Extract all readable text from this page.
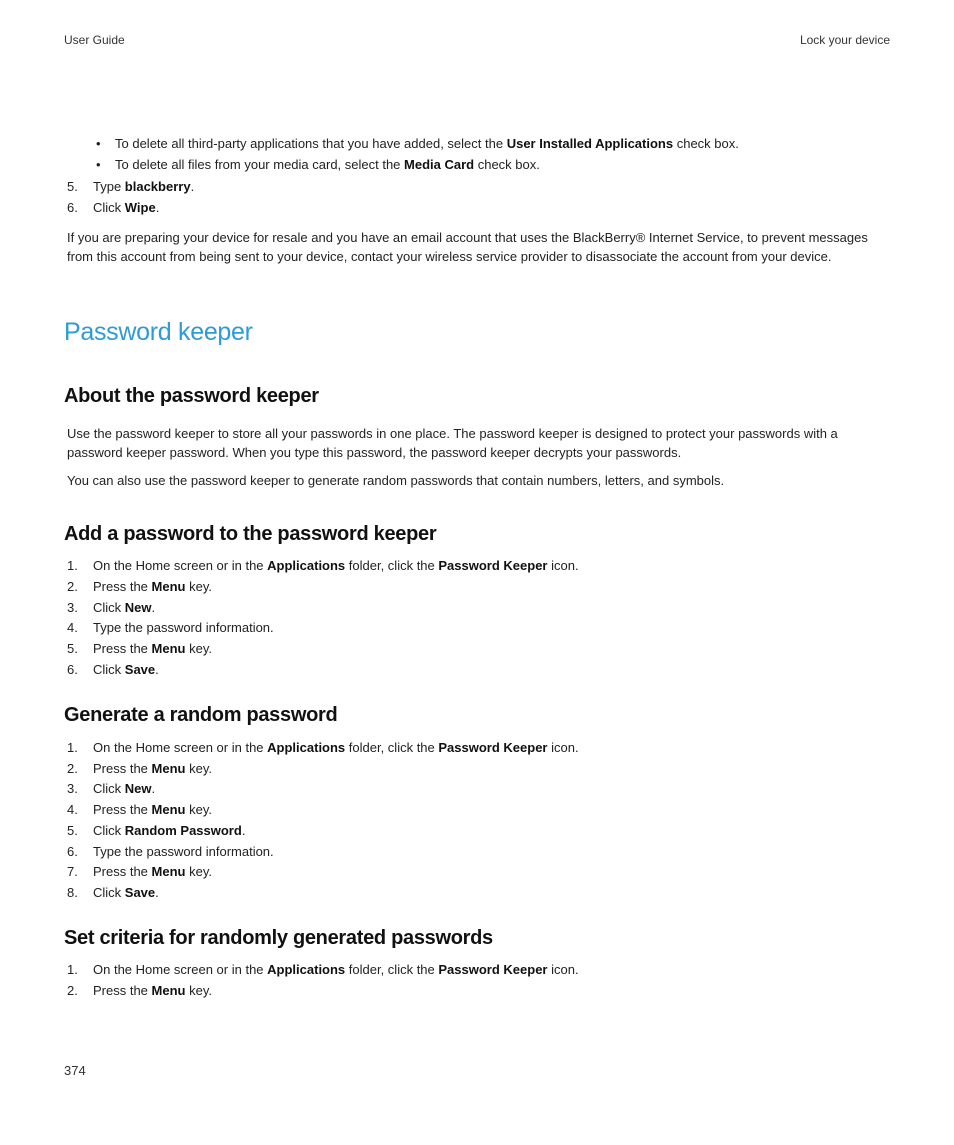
User Guide	Lock your device
• To delete all third-party applications that you have added, select the User Installed Applications check box.
• To delete all files from your media card, select the Media Card check box.
5. Type blackberry.
6. Click Wipe.
If you are preparing your device for resale and you have an email account that uses the BlackBerry® Internet Service, to prevent messages from this account from being sent to your device, contact your wireless service provider to disassociate the account from your device.
Password keeper
About the password keeper
Use the password keeper to store all your passwords in one place. The password keeper is designed to protect your passwords with a password keeper password. When you type this password, the password keeper decrypts your passwords.
You can also use the password keeper to generate random passwords that contain numbers, letters, and symbols.
Add a password to the password keeper
1. On the Home screen or in the Applications folder, click the Password Keeper icon.
2. Press the Menu key.
3. Click New.
4. Type the password information.
5. Press the Menu key.
6. Click Save.
Generate a random password
1. On the Home screen or in the Applications folder, click the Password Keeper icon.
2. Press the Menu key.
3. Click New.
4. Press the Menu key.
5. Click Random Password.
6. Type the password information.
7. Press the Menu key.
8. Click Save.
Set criteria for randomly generated passwords
1. On the Home screen or in the Applications folder, click the Password Keeper icon.
2. Press the Menu key.
374
